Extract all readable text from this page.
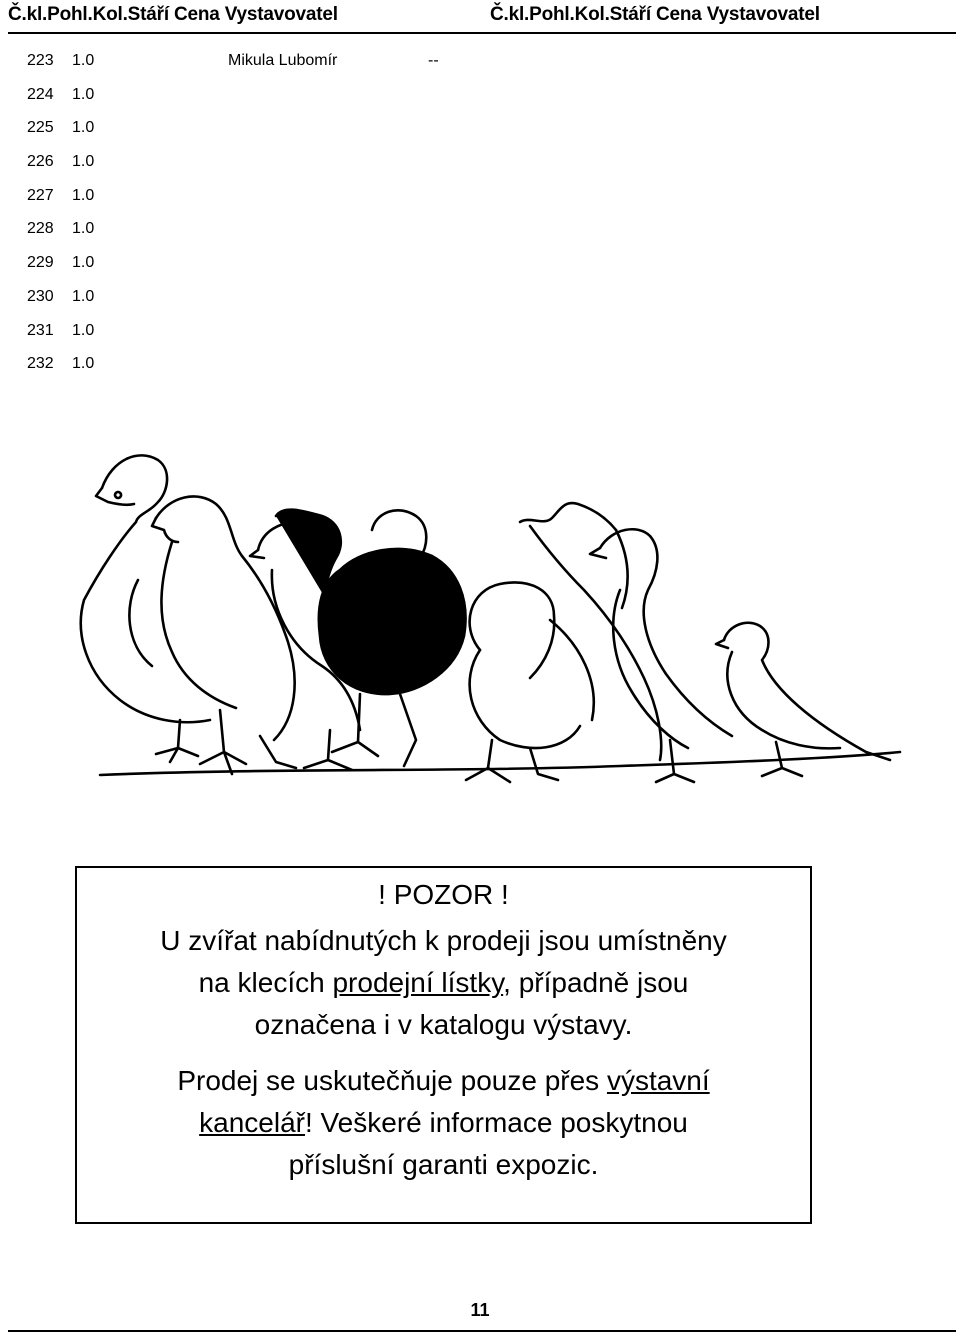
Č.kl.Pohl.Kol.Stáří Cena Vystavovatel	Č.kl.Pohl.Kol.Stáří Cena Vystavovatel
223 1.0	Mikula Lubomír	--
224 1.0
225 1.0
226 1.0
227 1.0
228 1.0
229 1.0
230 1.0
231 1.0
232 1.0

! POZOR !

U zvířat nabídnutých k prodeji jsou umístněny

na klecích prodejní lístky, případně jsou

označena i v katalogu výstavy.

Prodej se uskutečňuje pouze přes výstavní

kancelář! Veškeré informace poskytnou

příslušní garanti expozic.

11
